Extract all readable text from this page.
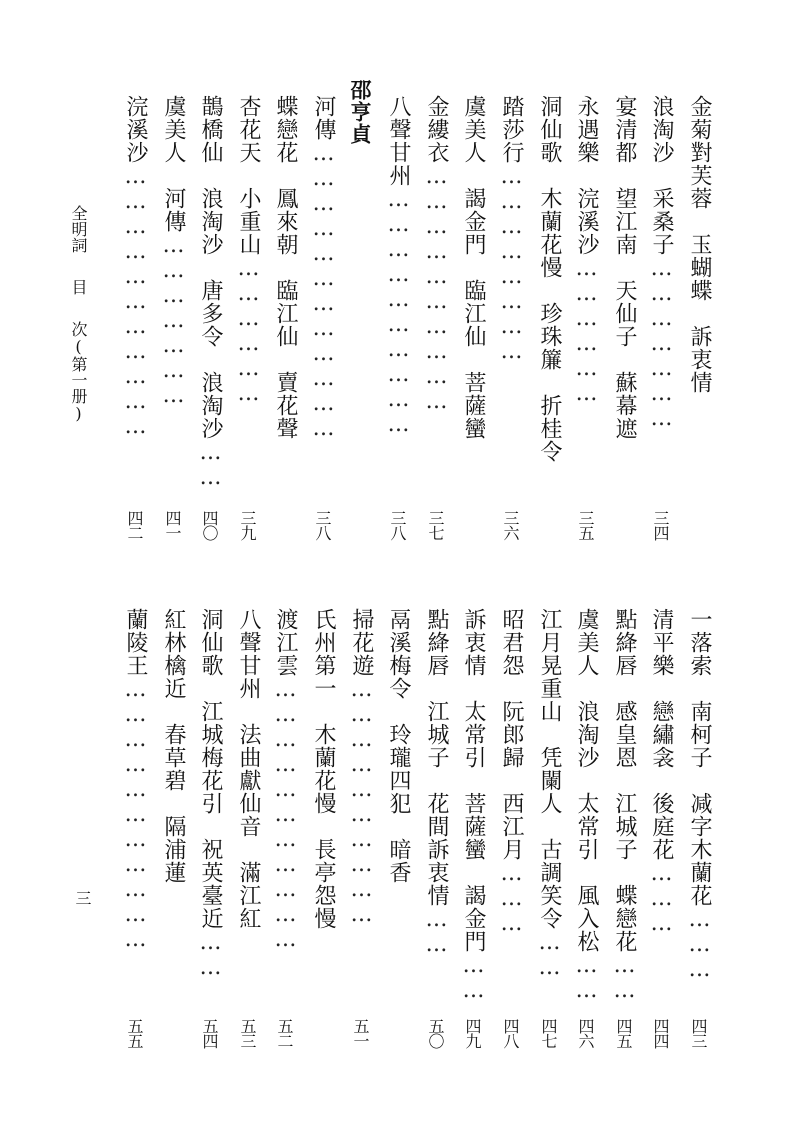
金菊對芙蓉　玉蝴蝶　訴衷情
浪淘沙　采桑子…………………
三四
宴清都　望江南　天仙子　蘇幕遮
永遇樂　浣溪沙………………
三五
洞仙歌　木蘭花慢　珍珠簾　折桂令
踏莎行……………………
三六
虞美人　謁金門　臨江仙　菩薩蠻
金縷衣…………………………
三七
八聲甘州…………………………
三八
邵亨貞
河傳………………………………
三八
蝶戀花　鳳來朝　臨江仙　賣花聲
杏花天　小重山………………
三九
鵲橋仙　浪淘沙　唐多令　浪淘沙……
四〇
虞美人　河傳…………………
四一
浣溪沙……………………………
四二
一落索　南柯子　减字木蘭花………
四三
清平樂　戀繡衾　後庭花………
四四
點絳唇　感皇恩　江城子　蝶戀花……
四五
虞美人　浪淘沙　太常引　風入松……
四六
江月晃重山　凭闌人　古調笑令……
四七
昭君怨　阮郎歸　西江月………
四八
訴衷情　太常引　菩薩蠻　謁金門……
四九
點絳唇　江城子　花間訴衷情……
五〇
鬲溪梅令　玲瓏四犯　暗香
掃花遊…………………………
五一
氏州第一　木蘭花慢　長亭怨慢
渡江雲……………………………
五二
八聲甘州　法曲獻仙音　滿江紅
五三
洞仙歌　江城梅花引　祝英臺近……
五四
紅林檎近　春草碧　隔浦蓮
蘭陵王……………………………
五五
全明詞目次(第一册)
三
